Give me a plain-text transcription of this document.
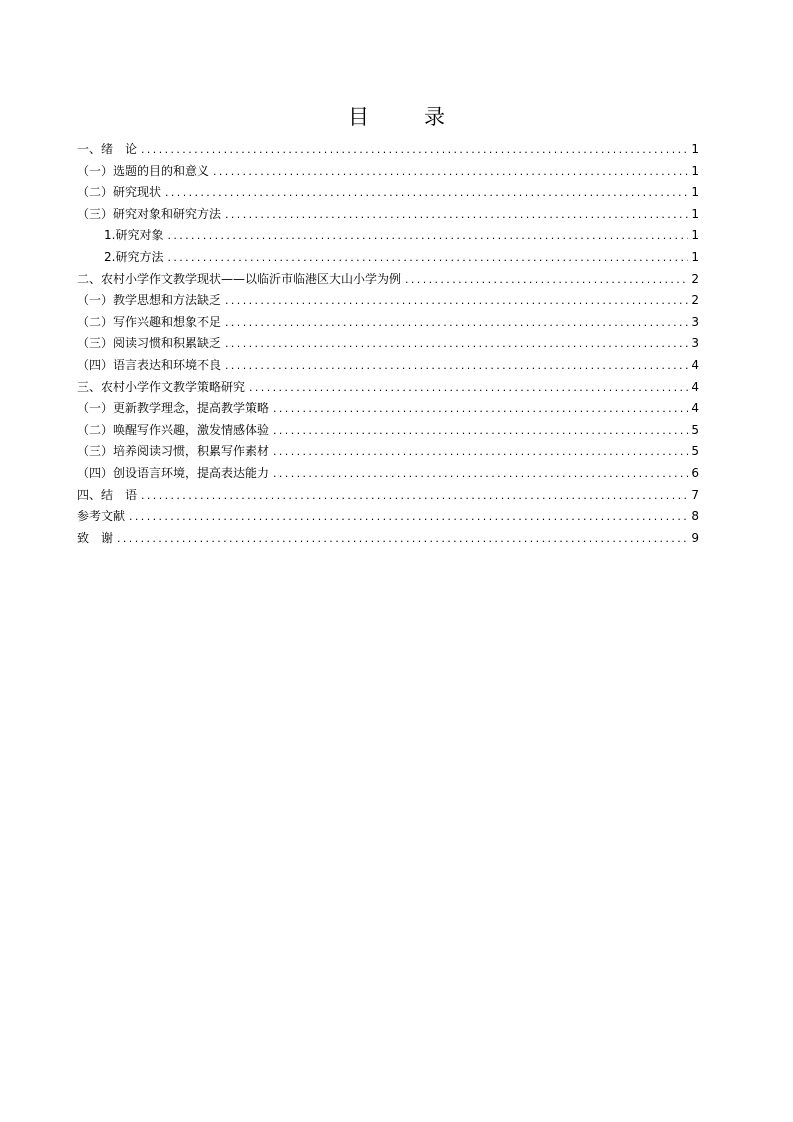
目　录
一、绪　论 .....	1
（一）选题的目的和意义 .....	1
（二）研究现状 .....	1
（三）研究对象和研究方法 .....	1
1.研究对象 .....	1
2.研究方法 .....	1
二、农村小学作文教学现状——以临沂市临港区大山小学为例 .....	2
（一）教学思想和方法缺乏 .....	2
（二）写作兴趣和想象不足 .....	3
（三）阅读习惯和积累缺乏 .....	3
（四）语言表达和环境不良 .....	4
三、农村小学作文教学策略研究 .....	4
（一）更新教学理念，提高教学策略 .....	4
（二）唤醒写作兴趣，激发情感体验 .....	5
（三）培养阅读习惯，积累写作素材 .....	5
（四）创设语言环境，提高表达能力 .....	6
四、结　语 .....	7
参考文献 .....	8
致　谢 .....	9
